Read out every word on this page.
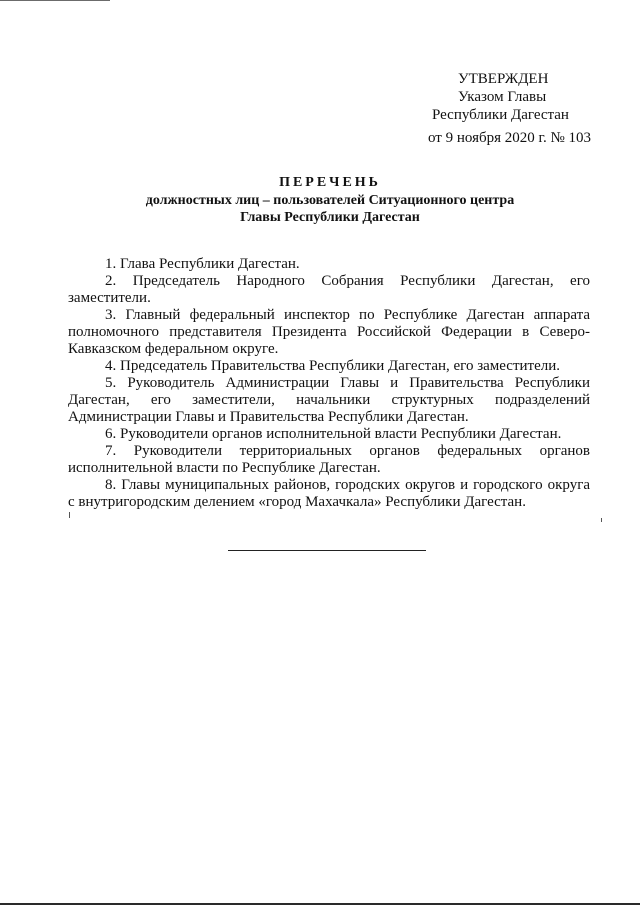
УТВЕРЖДЕН
Указом Главы
Республики Дагестан
от 9 ноября 2020 г. № 103
ПЕРЕЧЕНЬ
должностных лиц – пользователей Ситуационного центра
Главы Республики Дагестан

1. Глава Республики Дагестан.

2. Председатель Народного Собрания Республики Дагестан, его заместители.

3. Главный федеральный инспектор по Республике Дагестан аппарата полномочного представителя Президента Российской Федерации в Северо-Кавказском федеральном округе.

4. Председатель Правительства Республики Дагестан, его заместители.

5. Руководитель Администрации Главы и Правительства Республики Дагестан, его заместители, начальники структурных подразделений Администрации Главы и Правительства Республики Дагестан.

6. Руководители органов исполнительной власти Республики Дагестан.

7. Руководители территориальных органов федеральных органов исполнительной власти по Республике Дагестан.

8. Главы муниципальных районов, городских округов и городского округа с внутригородским делением «город Махачкала» Республики Дагестан.
